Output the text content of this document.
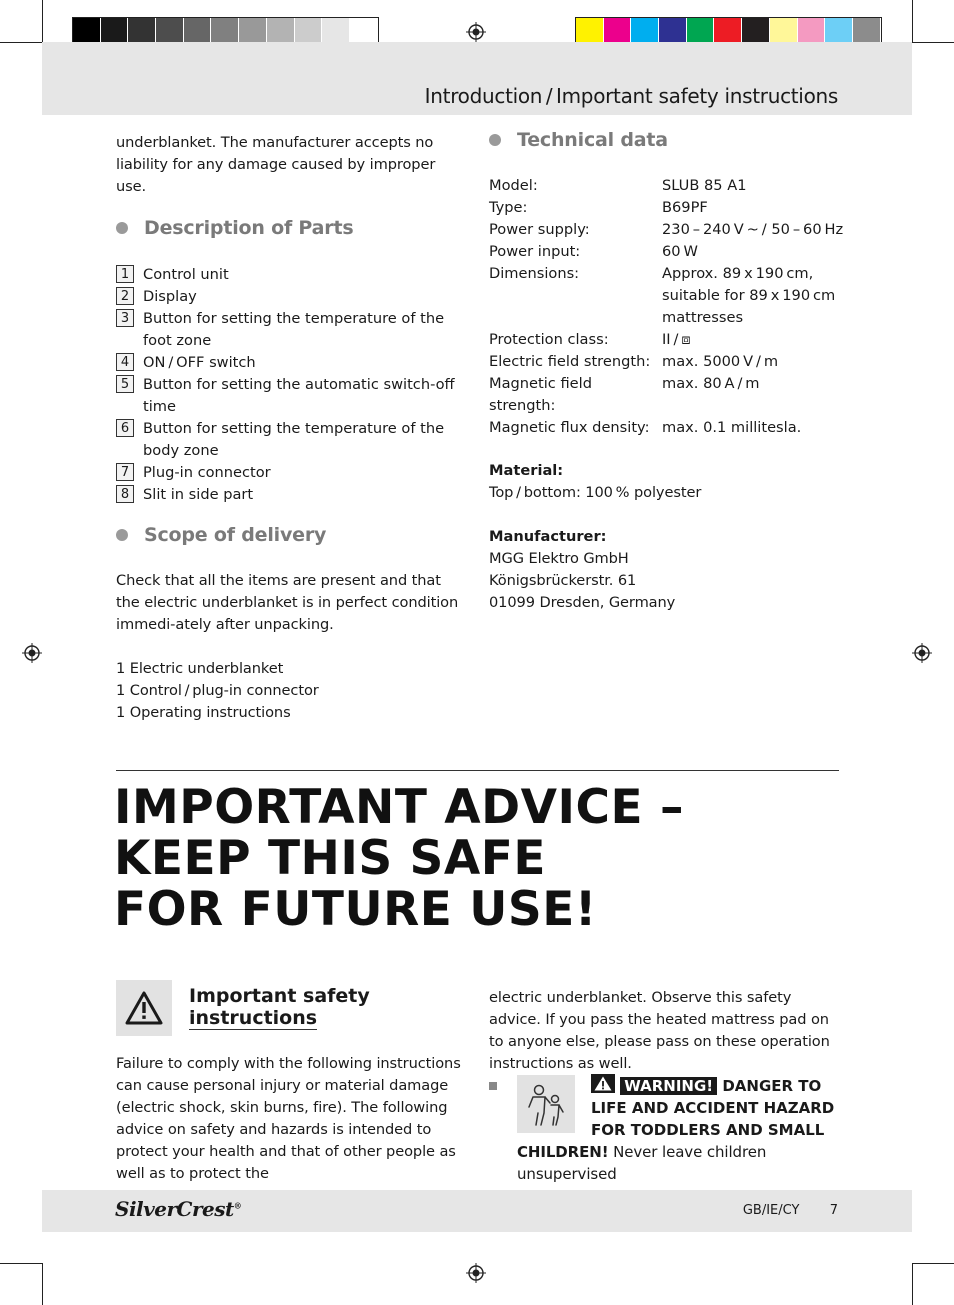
Introduction / Important safety instructions
underblanket. The manufacturer accepts no liability for any damage caused by improper use.
Description of Parts
1 Control unit
2 Display
3 Button for setting the temperature of the foot zone
4 ON / OFF switch
5 Button for setting the automatic switch-off time
6 Button for setting the temperature of the body zone
7 Plug-in connector
8 Slit in side part
Scope of delivery
Check that all the items are present and that the electric underblanket is in perfect condition immedi-ately after unpacking.
1 Electric underblanket
1 Control / plug-in connector
1 Operating instructions
Technical data
Model:	SLUB 85 A1
Type:	B69PF
Power supply:	230 – 240 V ~ / 50 – 60 Hz
Power input:	60 W
Dimensions:	Approx. 89 x 190 cm, suitable for 89 x 190 cm mattresses
Protection class:	II / ⧈
Electric field strength: max. 5000 V / m
Magnetic field strength:
max. 80 A / m
Magnetic flux density: max. 0.1 millitesla.
Material:
Top / bottom: 100 % polyester
Manufacturer:
MGG Elektro GmbH
Königsbrückerstr. 61
01099 Dresden, Germany
IMPORTANT ADVICE –
KEEP THIS SAFE
FOR FUTURE USE!
Important safety
instructions
Failure to comply with the following instructions can cause personal injury or material damage (electric shock, skin burns, fire). The following advice on safety and hazards is intended to protect your health and that of other people as well as to protect the
electric underblanket. Observe this safety advice. If you pass the heated mattress pad on to anyone else, please pass on these operation instructions as well.
WARNING! DANGER TO
LIFE AND ACCIDENT HAZARD
FOR TODDLERS AND SMALL
CHILDREN! Never leave children unsupervised
SilverCrest®	GB/IE/CY 7
